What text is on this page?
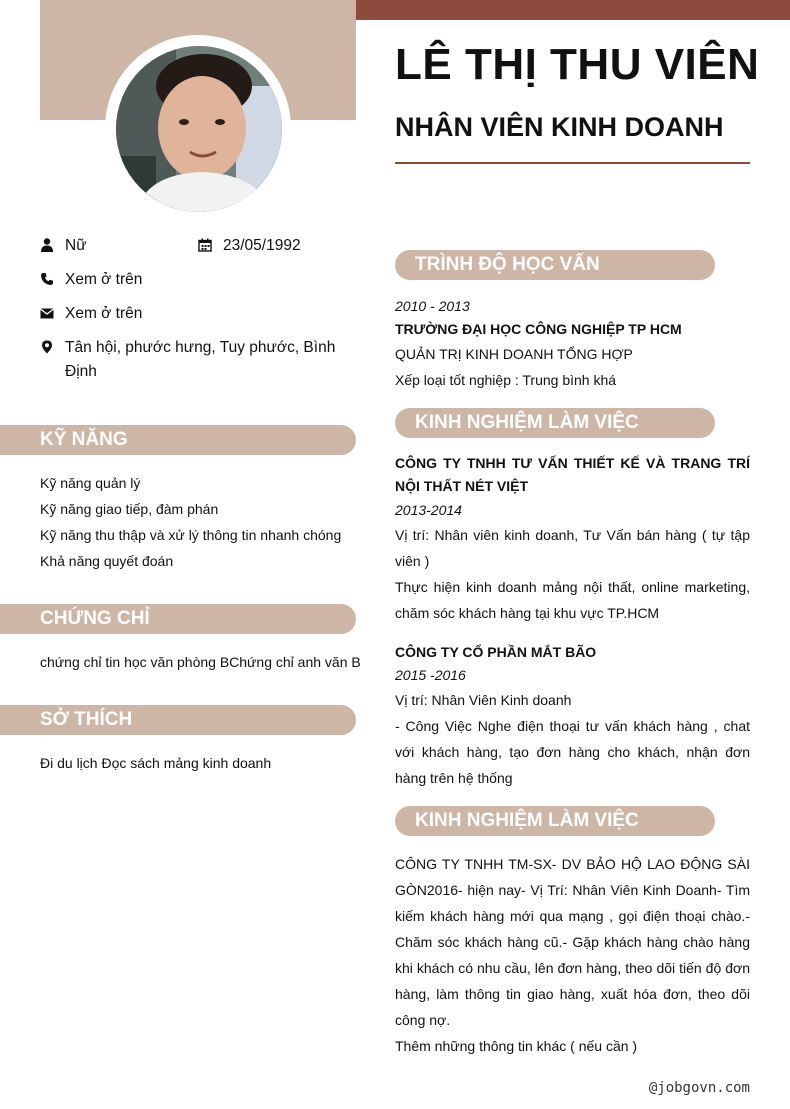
LÊ THỊ THU VIÊN
NHÂN VIÊN KINH DOANH
Nữ	23/05/1992
Xem ở trên
Xem ở trên
Tân hội, phước hưng, Tuy phước, Bình
Định
KỸ NĂNG
Kỹ năng quản lý
Kỹ năng giao tiếp, đàm phán
Kỹ năng thu thập và xử lý thông tin nhanh chóng
Khả năng quyết đoán
CHỨNG CHỈ
chứng chỉ tin học văn phòng BChứng chỉ anh văn B
SỞ THÍCH
Đi du lịch Đọc sách mảng kinh doanh
TRÌNH ĐỘ HỌC VẤN
2010 - 2013
TRƯỜNG ĐẠI HỌC CÔNG NGHIỆP TP HCM
QUẢN TRỊ KINH DOANH TỔNG HỢP
Xếp loại tốt nghiệp : Trung bình khá
KINH NGHIỆM LÀM VIỆC
CÔNG TY TNHH TƯ VẤN THIẾT KẾ VÀ TRANG TRÍ NỘI THẤT NÉT VIỆT
2013-2014
Vị trí: Nhân viên kinh doanh, Tư Vấn bán hàng ( tự tập viên )
Thực hiện kinh doanh mảng nội thất, online marketing, chăm sóc khách hàng tại khu vực TP.HCM
CÔNG TY CỔ PHẦN MẮT BÃO
2015 -2016
Vị trí: Nhân Viên Kinh doanh
- Công Việc Nghe điện thoại tư vấn khách hàng , chat với khách hàng, tạo đơn hàng cho khách, nhận đơn hàng trên hệ thống
KINH NGHIỆM LÀM VIỆC
CÔNG TY TNHH TM-SX- DV BẢO HỘ LAO ĐỘNG SÀI GÒN2016- hiện nay- Vị Trí: Nhân Viên Kinh Doanh- Tìm kiếm khách hàng mới qua mạng , gọi điện thoại chào.- Chăm sóc khách hàng cũ.- Gặp khách hàng chào hàng khi khách có nhu cầu, lên đơn hàng, theo dõi tiến độ đơn hàng, làm thông tin giao hàng, xuất hóa đơn, theo dõi công nợ.
Thêm những thông tin khác ( nếu cần )
@jobgovn.com
